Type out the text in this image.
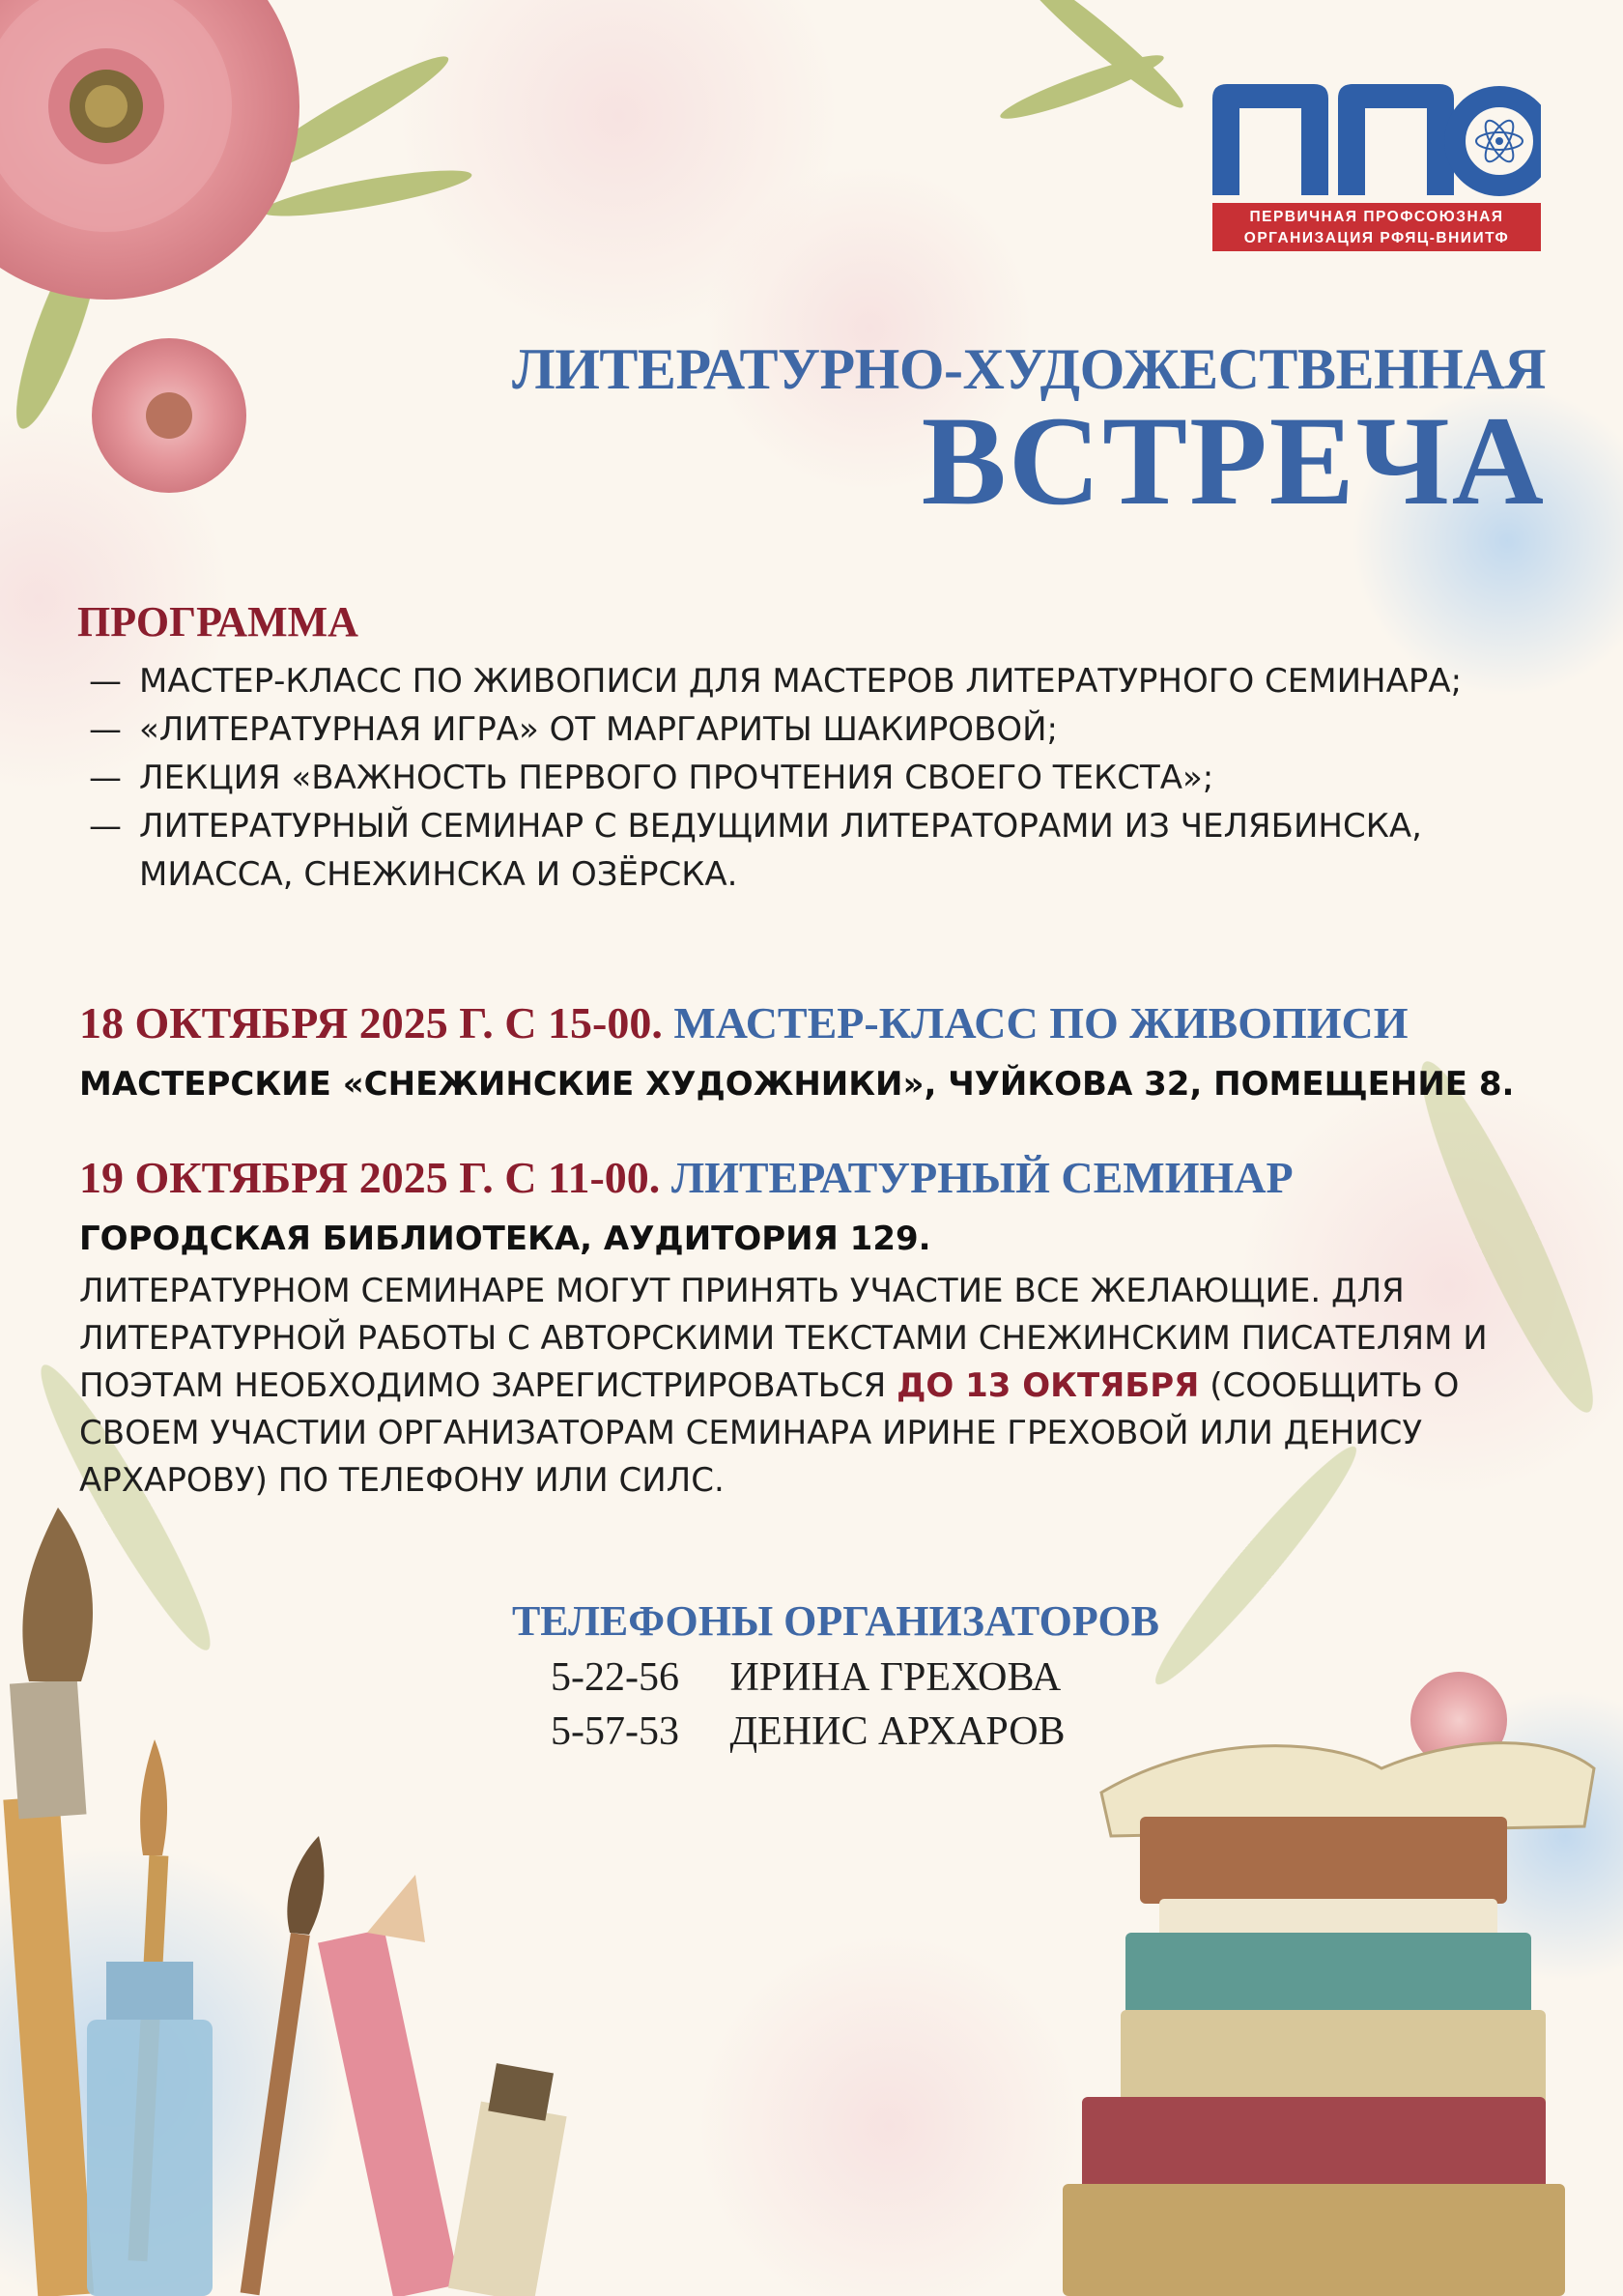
ПЕРВИЧНАЯ ПРОФСОЮЗНАЯ
ОРГАНИЗАЦИЯ РФЯЦ-ВНИИТФ
ЛИТЕРАТУРНО-ХУДОЖЕСТВЕННАЯ
ВСТРЕЧА
ПРОГРАММА
— МАСТЕР-КЛАСС ПО ЖИВОПИСИ ДЛЯ МАСТЕРОВ ЛИТЕРАТУРНОГО СЕМИНАРА;
— «ЛИТЕРАТУРНАЯ ИГРА» ОТ МАРГАРИТЫ ШАКИРОВОЙ;
— ЛЕКЦИЯ «ВАЖНОСТЬ ПЕРВОГО ПРОЧТЕНИЯ СВОЕГО ТЕКСТА»;
— ЛИТЕРАТУРНЫЙ СЕМИНАР С ВЕДУЩИМИ ЛИТЕРАТОРАМИ ИЗ ЧЕЛЯБИНСКА, МИАССА, СНЕЖИНСКА И ОЗЁРСКА.
18 ОКТЯБРЯ 2025 Г. С 15-00. МАСТЕР-КЛАСС ПО ЖИВОПИСИ
МАСТЕРСКИЕ «СНЕЖИНСКИЕ ХУДОЖНИКИ», ЧУЙКОВА 32, ПОМЕЩЕНИЕ 8.
19 ОКТЯБРЯ 2025 Г. С 11-00. ЛИТЕРАТУРНЫЙ СЕМИНАР
ГОРОДСКАЯ БИБЛИОТЕКА, АУДИТОРИЯ 129.
ЛИТЕРАТУРНОМ СЕМИНАРЕ МОГУТ ПРИНЯТЬ УЧАСТИЕ ВСЕ ЖЕЛАЮЩИЕ. ДЛЯ ЛИТЕРАТУРНОЙ РАБОТЫ С АВТОРСКИМИ ТЕКСТАМИ СНЕЖИНСКИМ ПИСАТЕЛЯМ И ПОЭТАМ НЕОБХОДИМО ЗАРЕГИСТРИРОВАТЬСЯ ДО 13 ОКТЯБРЯ (СООБЩИТЬ О СВОЕМ УЧАСТИИ ОРГАНИЗАТОРАМ СЕМИНАРА ИРИНЕ ГРЕХОВОЙ ИЛИ ДЕНИСУ АРХАРОВУ) ПО ТЕЛЕФОНУ ИЛИ СИЛС.
ТЕЛЕФОНЫ ОРГАНИЗАТОРОВ
5-22-56 ИРИНА ГРЕХОВА
5-57-53 ДЕНИС АРХАРОВ
